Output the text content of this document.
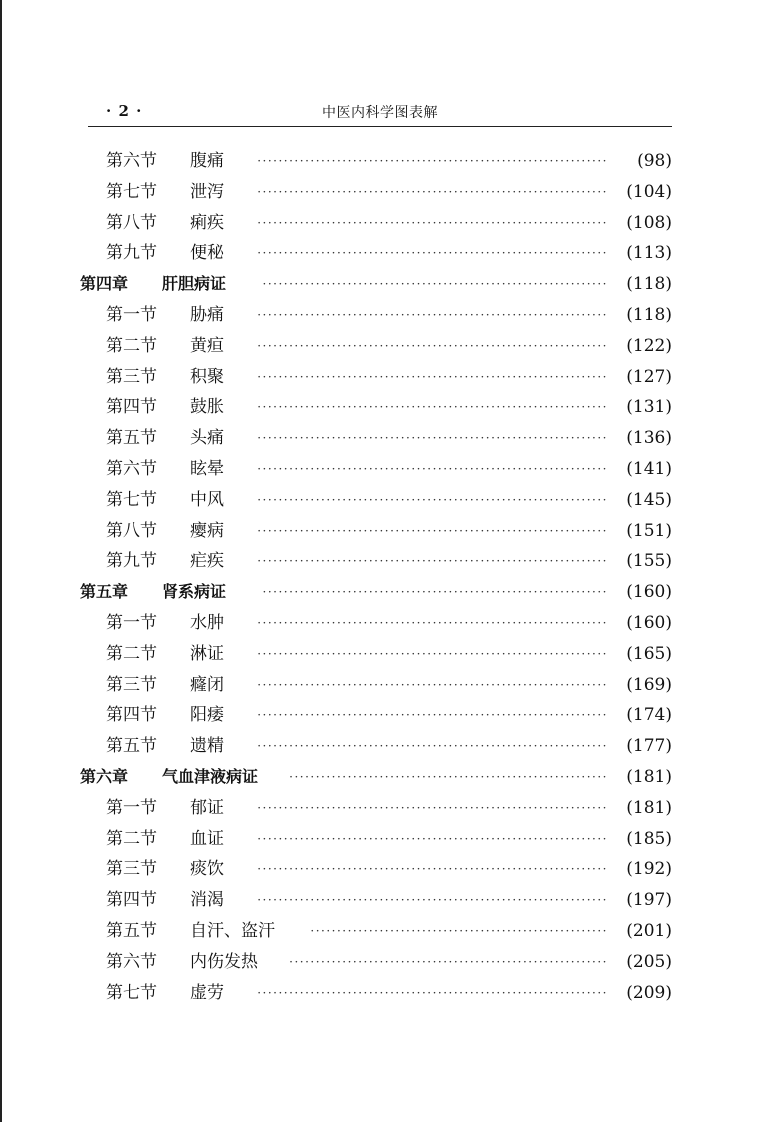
· 2 ·	中医内科学图表解
第六节 腹痛	·································································· (98)
第七节 泄泻	·································································· (104)
第八节 痢疾	·································································· (108)
第九节 便秘	·································································· (113)
第四章 肝胆病证	································································· (118)
第一节 胁痛	·································································· (118)
第二节 黄疸	·································································· (122)
第三节 积聚	·································································· (127)
第四节 鼓胀	·································································· (131)
第五节 头痛	·································································· (136)
第六节 眩晕	·································································· (141)
第七节 中风	·································································· (145)
第八节 瘿病	·································································· (151)
第九节 疟疾	·································································· (155)
第五章 肾系病证	································································· (160)
第一节 水肿	·································································· (160)
第二节 淋证	·································································· (165)
第三节 癃闭	·································································· (169)
第四节 阳痿	·································································· (174)
第五节 遗精	·································································· (177)
第六章 气血津液病证	···························································· (181)
第一节 郁证	·································································· (181)
第二节 血证	·································································· (185)
第三节 痰饮	·································································· (192)
第四节 消渴	·································································· (197)
第五节 自汗、盗汗	························································ (201)
第六节 内伤发热	···························································· (205)
第七节 虚劳	·································································· (209)
